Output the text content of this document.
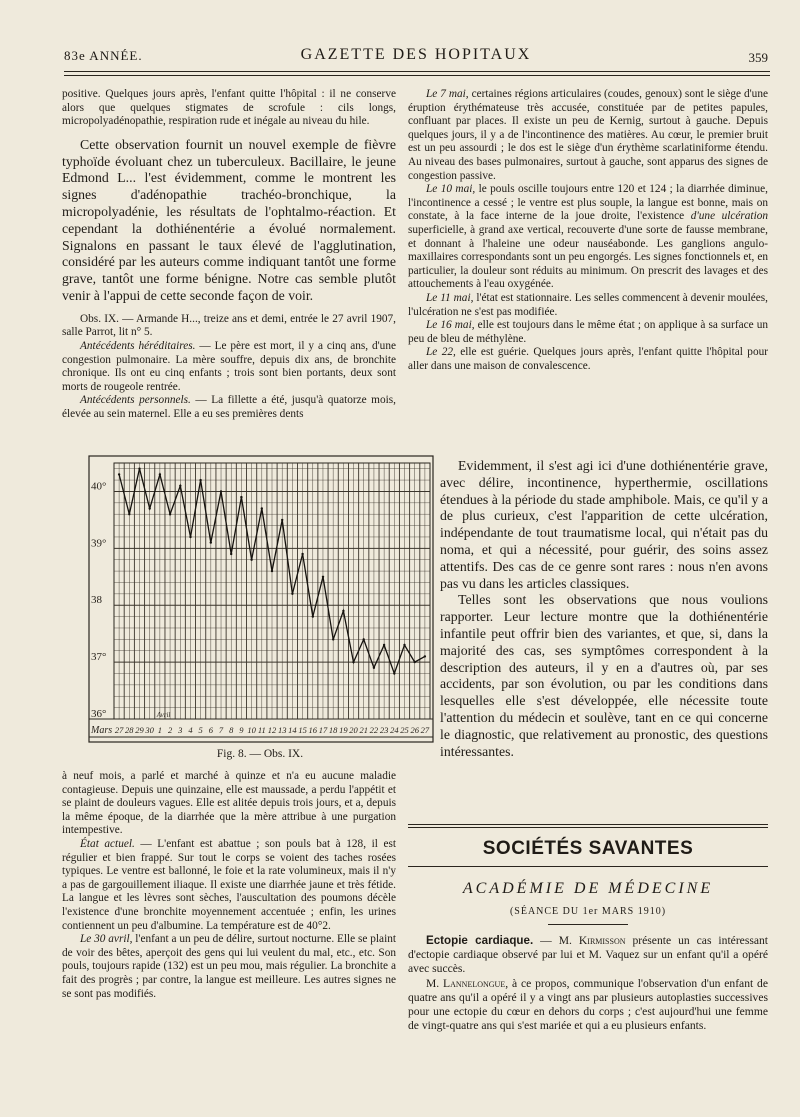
83e ANNÉE.	GAZETTE DES HOPITAUX	359

positive. Quelques jours après, l'enfant quitte l'hôpital : il ne conserve alors que quelques stigmates de scrofule : cils longs, micropolyadénopathie, respiration rude et inégale au niveau du hile.

Cette observation fournit un nouvel exemple de fièvre typhoïde évoluant chez un tuberculeux. Bacillaire, le jeune Edmond L... l'est évidemment, comme le montrent les signes d'adénopathie trachéo-bronchique, la micropolyadénie, les résultats de l'ophtalmo-réaction. Et cependant la dothiénentérie a évolué normalement. Signalons en passant le taux élevé de l'agglutination, considéré par les auteurs comme indiquant tantôt une forme grave, tantôt une forme bénigne. Notre cas semble plutôt venir à l'appui de cette seconde façon de voir.

Obs. IX. — Armande H..., treize ans et demi, entrée le 27 avril 1907, salle Parrot, lit n° 5.

Antécédents héréditaires. — Le père est mort, il y a cinq ans, d'une congestion pulmonaire. La mère souffre, depuis dix ans, de bronchite chronique. Ils ont eu cinq enfants ; trois sont bien portants, deux sont morts de rougeole rentrée.

Antécédents personnels. — La fillette a été, jusqu'à quatorze mois, élevée au sein maternel. Elle a eu ses premières dents

Le 7 mai, certaines régions articulaires (coudes, genoux) sont le siège d'une éruption érythémateuse très accusée, constituée par de petites papules, confluant par places. Il existe un peu de Kernig, surtout à gauche. Depuis quelques jours, il y a de l'incontinence des matières. Au cœur, le premier bruit est un peu assourdi ; le dos est le siège d'un érythème scarlatiniforme étendu. Au niveau des bases pulmonaires, surtout à gauche, sont apparus des signes de congestion passive.

Le 10 mai, le pouls oscille toujours entre 120 et 124 ; la diarrhée diminue, l'incontinence a cessé ; le ventre est plus souple, la langue est bonne, mais on constate, à la face interne de la joue droite, l'existence d'une ulcération superficielle, à grand axe vertical, recouverte d'une sorte de fausse membrane, et donnant à l'haleine une odeur nauséabonde. Les ganglions angulo-maxillaires correspondants sont un peu engorgés. Les signes fonctionnels et, en particulier, la douleur sont réduits au minimum. On prescrit des lavages et des attouchements à l'eau oxygénée.

Le 11 mai, l'état est stationnaire. Les selles commencent à devenir moulées, l'ulcération ne s'est pas modifiée.

Le 16 mai, elle est toujours dans le même état ; on applique à sa surface un peu de bleu de méthylène.

Le 22, elle est guérie. Quelques jours après, l'enfant quitte l'hôpital pour aller dans une maison de convalescence.

40°
39°
38
37°
36°
Mars
Avril
27 28 29 30 1 2 3 4 5 6 7 8 9 10 11 12 13 14 15 16 17 18 19 20 21 22 23 24 25 26 27
Fig. 8. — Obs. IX.

Evidemment, il s'est agi ici d'une dothiénentérie grave, avec délire, incontinence, hyperthermie, oscillations étendues à la période du stade amphibole. Mais, ce qu'il y a de plus curieux, c'est l'apparition de cette ulcération, indépendante de tout traumatisme local, qui n'était pas du noma, et qui a nécessité, pour guérir, des soins assez attentifs. Des cas de ce genre sont rares : nous n'en avons pas vu dans les articles classiques.

Telles sont les observations que nous voulions rapporter. Leur lecture montre que la dothiénentérie infantile peut offrir bien des variantes, et que, si, dans la majorité des cas, ses symptômes correspondent à la description des auteurs, il y en a d'autres où, par ses accidents, par son évolution, ou par les conditions dans lesquelles elle s'est développée, elle nécessite toute l'attention du médecin et soulève, tant en ce qui concerne le diagnostic, que relativement au pronostic, des questions intéressantes.

à neuf mois, a parlé et marché à quinze et n'a eu aucune maladie contagieuse. Depuis une quinzaine, elle est maussade, a perdu l'appétit et se plaint de douleurs vagues. Elle est alitée depuis trois jours, et a, depuis la même époque, de la diarrhée que la mère attribue à une purgation intempestive.

État actuel. — L'enfant est abattue ; son pouls bat à 128, il est régulier et bien frappé. Sur tout le corps se voient des taches rosées typiques. Le ventre est ballonné, le foie et la rate volumineux, mais il n'y a pas de gargouillement iliaque. Il existe une diarrhée jaune et très fétide. La langue et les lèvres sont sèches, l'auscultation des poumons décèle l'existence d'une bronchite moyennement accentuée ; enfin, les urines contiennent un peu d'albumine. La température est de 40°2.

Le 30 avril, l'enfant a un peu de délire, surtout nocturne. Elle se plaint de voir des bêtes, aperçoit des gens qui lui veulent du mal, etc., etc. Son pouls, toujours rapide (132) est un peu mou, mais régulier. La bronchite a fait des progrès ; par contre, la langue est meilleure. Les autres signes ne se sont pas modifiés.

SOCIÉTÉS SAVANTES
ACADÉMIE DE MÉDECINE
(SÉANCE DU 1er MARS 1910)

Ectopie cardiaque. — M. Kirmisson présente un cas intéressant d'ectopie cardiaque observé par lui et M. Vaquez sur un enfant qu'il a opéré avec succès.

M. Lannelongue, à ce propos, communique l'observation d'un enfant de quatre ans qu'il a opéré il y a vingt ans par plusieurs autoplasties successives pour une ectopie du cœur en dehors du corps ; c'est aujourd'hui une femme de vingt-quatre ans qui s'est mariée et qui a eu plusieurs enfants.
